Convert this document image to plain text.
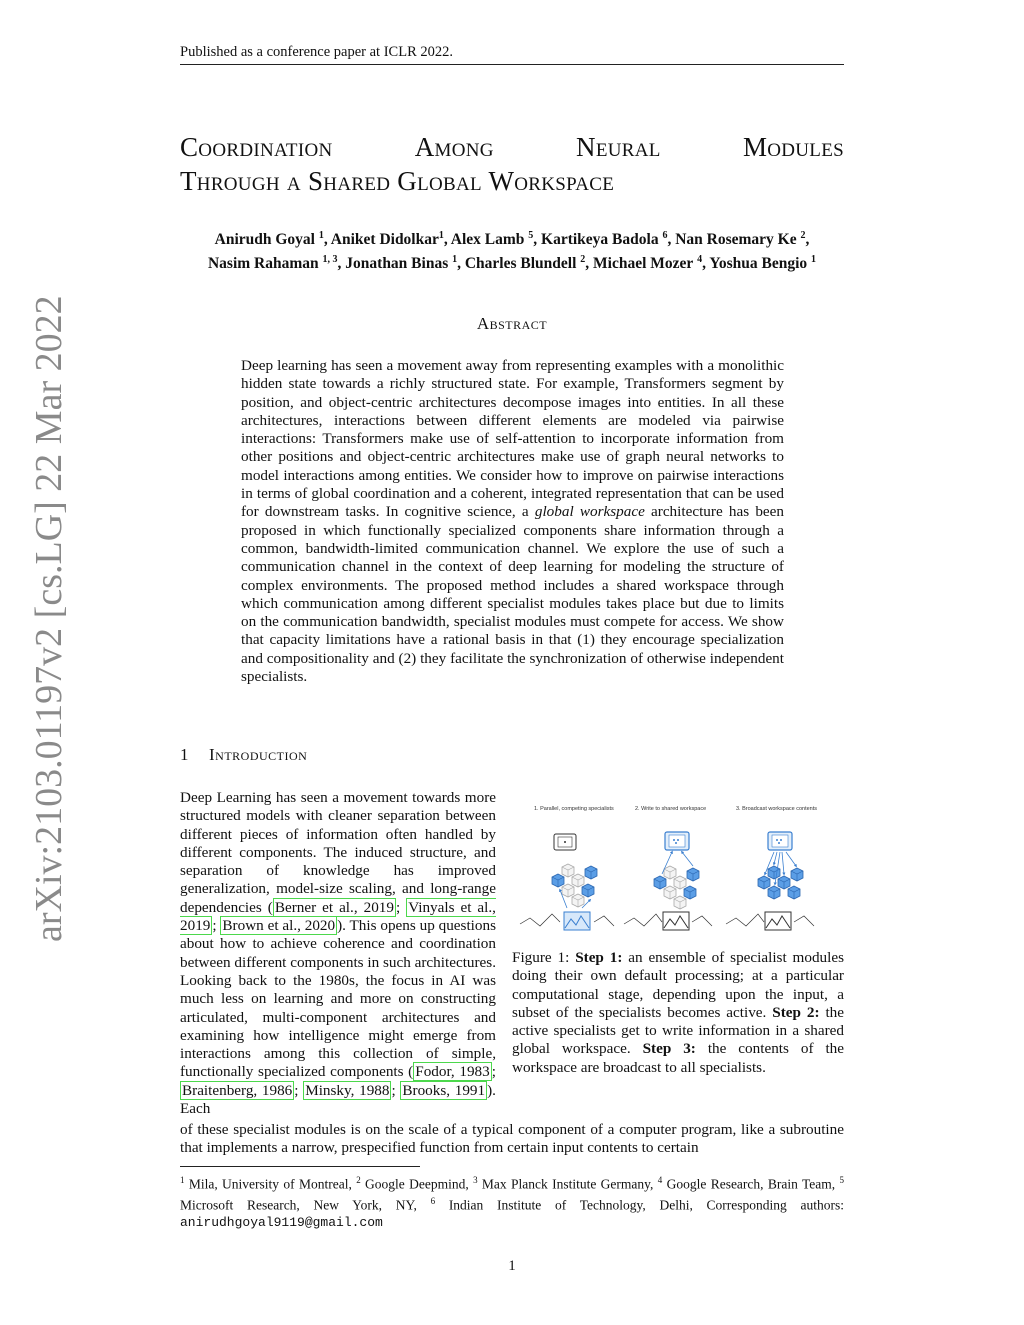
Published as a conference paper at ICLR 2022.
arXiv:2103.01197v2 [cs.LG] 22 Mar 2022
Coordination	Among	Neural	Modules
Through a Shared Global Workspace
Anirudh Goyal $^1$, Aniket Didolkar$^1$, Alex Lamb $^5$, Kartikeya Badola $^6$, Nan Rosemary Ke $^2$,
Nasim Rahaman $^{1, 3}$, Jonathan Binas $^1$, Charles Blundell $^2$, Michael Mozer $^4$, Yoshua Bengio $^1$
Abstract
Deep learning has seen a movement away from representing examples with a monolithic hidden state towards a richly structured state. For example, Transformers segment by position, and object-centric architectures decompose images into entities. In all these architectures, interactions between different elements are modeled via pairwise interactions: Transformers make use of self-attention to incorporate information from other positions and object-centric architectures make use of graph neural networks to model interactions among entities. We consider how to improve on pairwise interactions in terms of global coordination and a coherent, integrated representation that can be used for downstream tasks. In cognitive science, a global workspace architecture has been proposed in which functionally specialized components share information through a common, bandwidth-limited communication channel. We explore the use of such a communication channel in the context of deep learning for modeling the structure of complex environments. The proposed method includes a shared workspace through which communication among different specialist modules takes place but due to limits on the communication bandwidth, specialist modules must compete for access. We show that capacity limitations have a rational basis in that (1) they encourage specialization and compositionality and (2) they facilitate the synchronization of otherwise independent specialists.
1 Introduction
Deep Learning has seen a movement towards more structured models with cleaner separation between different pieces of information often handled by different components. The induced structure, and separation of knowledge has improved generalization, model-size scaling, and long-range dependencies ( Berner et al., 2019 ; Vinyals et al., 2019 ; Brown et al., 2020 ). This opens up questions about how to achieve coherence and coordination between different components in such architectures. Looking back to the 1980s, the focus in AI was much less on learning and more on constructing articulated, multi-component architectures and examining how intelligence might emerge from interactions among this collection of simple, functionally specialized components ( Fodor, 1983 ; Braitenberg, 1986 ; Minsky, 1988 ; Brooks, 1991 ). Each
of these specialist modules is on the scale of a typical component of a computer program, like a subroutine that implements a narrow, prespecified function from certain input contents to certain
1. Parallel, competing specialists	2. Write to shared workspace	3. Broadcast workspace contents
Figure 1: Step 1: an ensemble of specialist modules doing their own default processing; at a particular computational stage, depending upon the input, a subset of the specialists becomes active. Step 2: the active specialists get to write information in a shared global workspace. Step 3: the contents of the workspace are broadcast to all specialists.
$^1$ Mila, University of Montreal, $^2$ Google Deepmind, $^3$ Max Planck Institute Germany, $^4$ Google Research, Brain Team, $^5$ Microsoft Research, New York, NY, $^6$ Indian Institute of Technology, Delhi, Corresponding authors: anirudhgoyal9119@gmail.com
1
